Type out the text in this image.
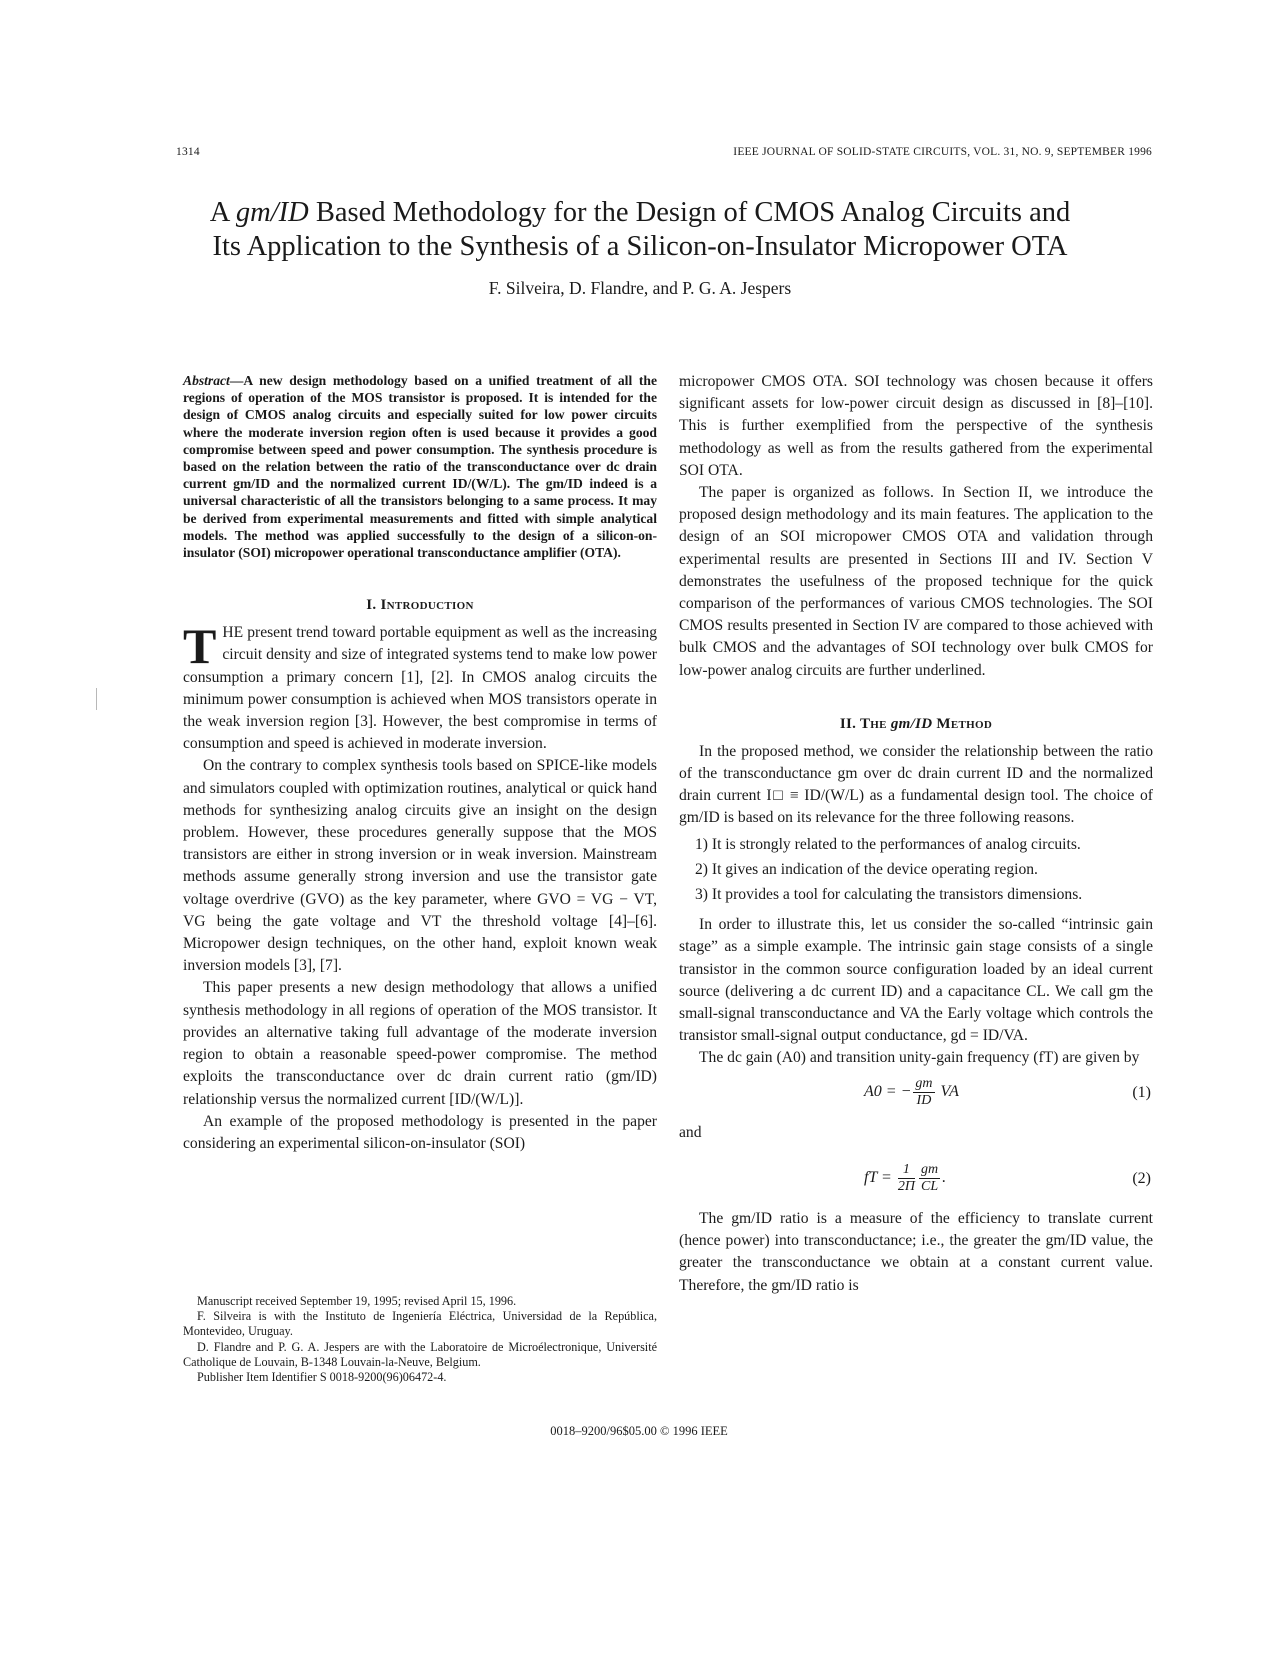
1314	IEEE JOURNAL OF SOLID-STATE CIRCUITS, VOL. 31, NO. 9, SEPTEMBER 1996
A gm/ID Based Methodology for the Design of CMOS Analog Circuits and
Its Application to the Synthesis of a Silicon-on-Insulator Micropower OTA
F. Silveira, D. Flandre, and P. G. A. Jespers

Abstract—A new design methodology based on a unified treatment of all the regions of operation of the MOS transistor is proposed. It is intended for the design of CMOS analog circuits and especially suited for low power circuits where the moderate inversion region often is used because it provides a good compromise between speed and power consumption. The synthesis procedure is based on the relation between the ratio of the transconductance over dc drain current gm/ID and the normalized current ID/(W/L). The gm/ID indeed is a universal characteristic of all the transistors belonging to a same process. It may be derived from experimental measurements and fitted with simple analytical models. The method was applied successfully to the design of a silicon-on-insulator (SOI) micropower operational transconductance amplifier (OTA).

I. Introduction

THE present trend toward portable equipment as well as the increasing circuit density and size of integrated systems tend to make low power consumption a primary concern [1], [2]. In CMOS analog circuits the minimum power consumption is achieved when MOS transistors operate in the weak inversion region [3]. However, the best compromise in terms of consumption and speed is achieved in moderate inversion.

On the contrary to complex synthesis tools based on SPICE-like models and simulators coupled with optimization routines, analytical or quick hand methods for synthesizing analog circuits give an insight on the design problem. However, these procedures generally suppose that the MOS transistors are either in strong inversion or in weak inversion. Mainstream methods assume generally strong inversion and use the transistor gate voltage overdrive (GVO) as the key parameter, where GVO = VG − VT, VG being the gate voltage and VT the threshold voltage [4]–[6]. Micropower design techniques, on the other hand, exploit known weak inversion models [3], [7].

This paper presents a new design methodology that allows a unified synthesis methodology in all regions of operation of the MOS transistor. It provides an alternative taking full advantage of the moderate inversion region to obtain a reasonable speed-power compromise. The method exploits the transconductance over dc drain current ratio (gm/ID) relationship versus the normalized current [ID/(W/L)].

An example of the proposed methodology is presented in the paper considering an experimental silicon-on-insulator (SOI)

micropower CMOS OTA. SOI technology was chosen because it offers significant assets for low-power circuit design as discussed in [8]–[10]. This is further exemplified from the perspective of the synthesis methodology as well as from the results gathered from the experimental SOI OTA.

The paper is organized as follows. In Section II, we introduce the proposed design methodology and its main features. The application to the design of an SOI micropower CMOS OTA and validation through experimental results are presented in Sections III and IV. Section V demonstrates the usefulness of the proposed technique for the quick comparison of the performances of various CMOS technologies. The SOI CMOS results presented in Section IV are compared to those achieved with bulk CMOS and the advantages of SOI technology over bulk CMOS for low-power analog circuits are further underlined.

II. The gm/ID Method

In the proposed method, we consider the relationship between the ratio of the transconductance gm over dc drain current ID and the normalized drain current I□ ≡ ID/(W/L) as a fundamental design tool. The choice of gm/ID is based on its relevance for the three following reasons.

1) It is strongly related to the performances of analog circuits.
2) It gives an indication of the device operating region.
3) It provides a tool for calculating the transistors dimensions.

In order to illustrate this, let us consider the so-called “intrinsic gain stage” as a simple example. The intrinsic gain stage consists of a single transistor in the common source configuration loaded by an ideal current source (delivering a dc current ID) and a capacitance CL. We call gm the small-signal transconductance and VA the Early voltage which controls the transistor small-signal output conductance, gd = ID/VA.

The dc gain (A0) and transition unity-gain frequency (fT) are given by

A0 = − $\frac{gm}{ID}$ VA	(1)

and

fT = $\frac{1}{2\Pi} \frac{gm}{CL}$ .	(2)

The gm/ID ratio is a measure of the efficiency to translate current (hence power) into transconductance; i.e., the greater the gm/ID value, the greater the transconductance we obtain at a constant current value. Therefore, the gm/ID ratio is

Manuscript received September 19, 1995; revised April 15, 1996.

F. Silveira is with the Instituto de Ingeniería Eléctrica, Universidad de la República, Montevideo, Uruguay.

D. Flandre and P. G. A. Jespers are with the Laboratoire de Microélectronique, Université Catholique de Louvain, B-1348 Louvain-la-Neuve, Belgium.

Publisher Item Identifier S 0018-9200(96)06472-4.

0018–9200/96$05.00 © 1996 IEEE
